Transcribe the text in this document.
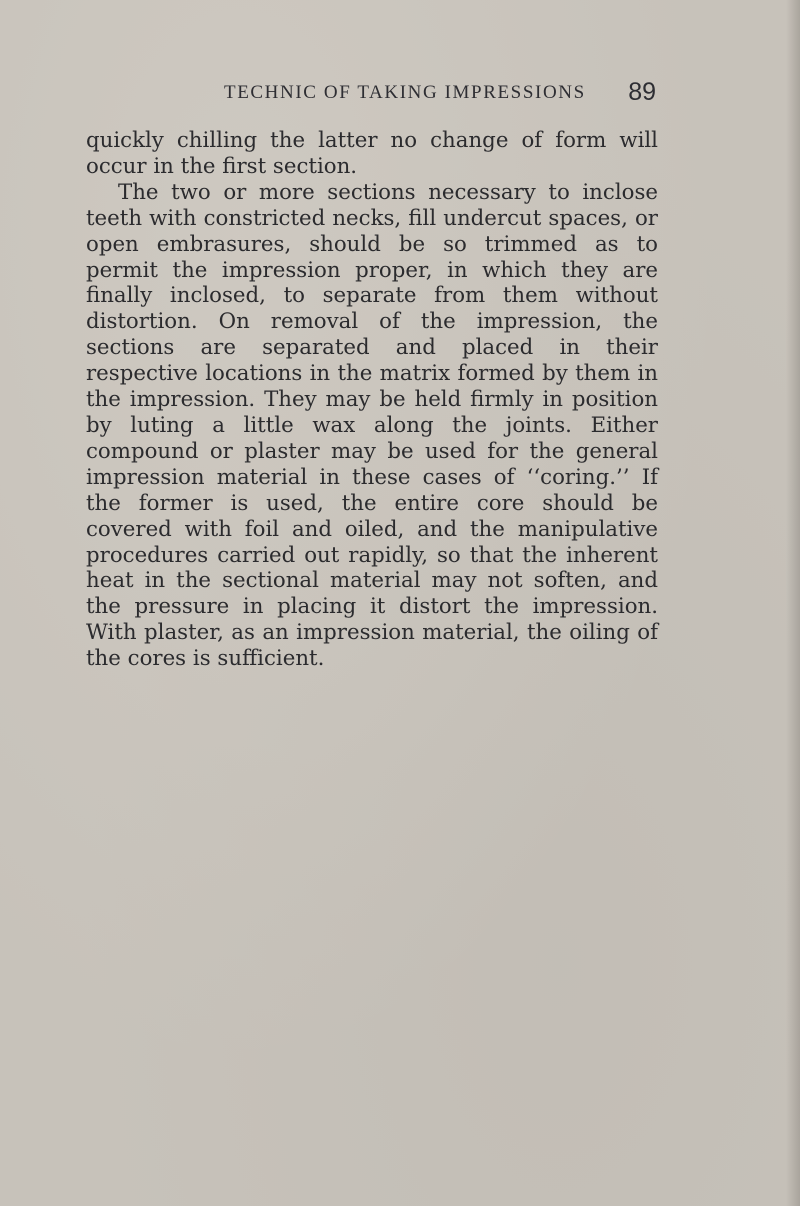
TECHNIC OF TAKING IMPRESSIONS 89

quickly chilling the latter no change of form will occur in the first section.

The two or more sections necessary to inclose teeth with constricted necks, fill undercut spaces, or open embrasures, should be so trimmed as to permit the impression proper, in which they are finally inclosed, to separate from them without distortion. On removal of the impression, the sections are separated and placed in their respective locations in the matrix formed by them in the impression. They may be held firmly in position by luting a little wax along the joints. Either compound or plaster may be used for the general impression material in these cases of ‘‘coring.’’ If the former is used, the entire core should be covered with foil and oiled, and the manipulative procedures carried out rapidly, so that the inherent heat in the sectional material may not soften, and the pressure in placing it distort the impression. With plaster, as an impression material, the oiling of the cores is sufficient.
